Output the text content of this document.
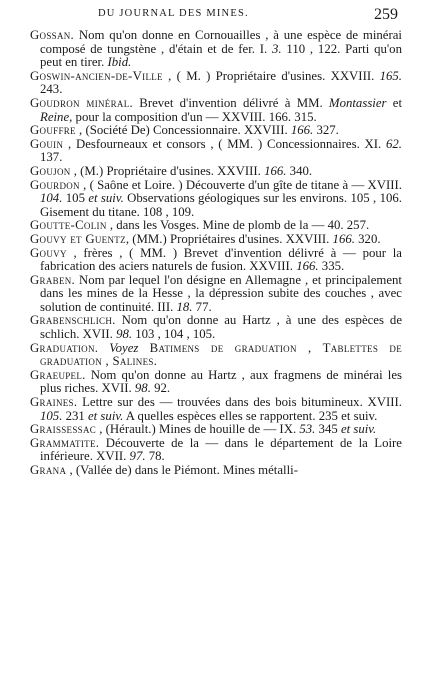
DU JOURNAL DES MINES.	259

Gossan. Nom qu'on donne en Cornouailles , à une espèce de minérai composé de tungstène , d'étain et de fer. I. 3. 110 , 122. Parti qu'on peut en tirer. Ibid.

Goswin-ancien-de-Ville , ( M. ) Propriétaire d'usines. XXVIII. 165. 243.

Goudron minéral. Brevet d'invention délivré à MM. Montassier et Reine, pour la composition d'un — XXVIII. 166. 315.

Gouffre , (Société De) Concessionnaire. XXVIII. 166. 327.

Gouin , Desfourneaux et consors , ( MM. ) Concessionnaires. XI. 62. 137.

Goujon , (M.) Propriétaire d'usines. XXVIII. 166. 340.

Gourdon , ( Saône et Loire. ) Découverte d'un gîte de titane à — XVIII. 104. 105 et suiv. Observations géologiques sur les environs. 105 , 106. Gisement du titane. 108 , 109.

Goutte-Colin , dans les Vosges. Mine de plomb de la — 40. 257.

Gouvy et Guentz, (MM.) Propriétaires d'usines. XXVIII. 166. 320.

Gouvy , frères , ( MM. ) Brevet d'invention délivré à — pour la fabrication des aciers naturels de fusion. XXVIII. 166. 335.

Graben. Nom par lequel l'on désigne en Allemagne , et principalement dans les mines de la Hesse , la dépression subite des couches , avec solution de continuité. III. 18. 77.

Grabenschlich. Nom qu'on donne au Hartz , à une des espèces de schlich. XVII. 98. 103 , 104 , 105.

Graduation. Voyez Batimens de graduation , Tablettes de graduation , Salines.

Graeupel. Nom qu'on donne au Hartz , aux fragmens de minérai les plus riches. XVII. 98. 92.

Graines. Lettre sur des — trouvées dans des bois bitumineux. XVIII. 105. 231 et suiv. A quelles espèces elles se rapportent. 235 et suiv.

Graissessac , (Hérault.) Mines de houille de — IX. 53. 345 et suiv.

Grammatite. Découverte de la — dans le département de la Loire inférieure. XVII. 97. 78.

Grana , (Vallée de) dans le Piémont. Mines métalli-
